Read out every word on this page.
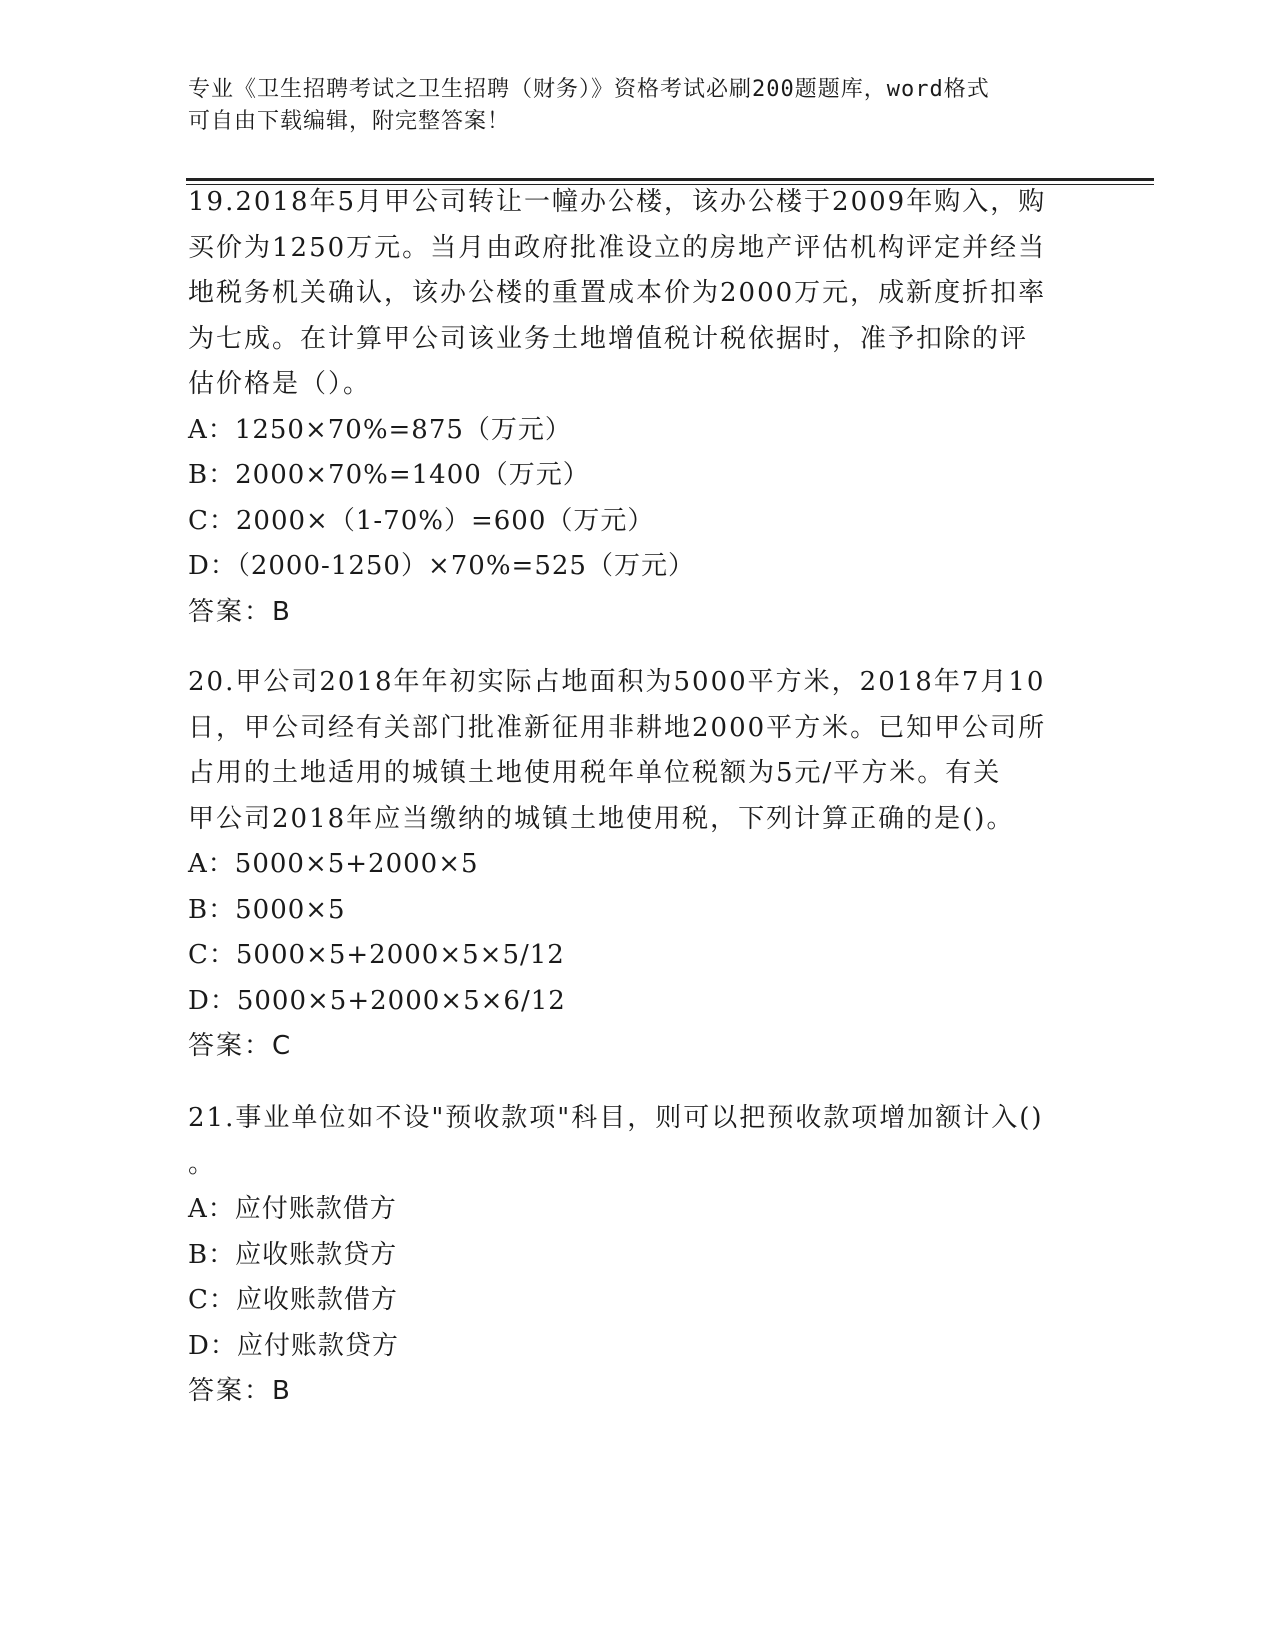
专业《卫生招聘考试之卫生招聘（财务）》资格考试必刷200题题库，word格式
可自由下载编辑，附完整答案！
19.2018年5月甲公司转让一幢办公楼，该办公楼于2009年购入，购
买价为1250万元。当月由政府批准设立的房地产评估机构评定并经当
地税务机关确认，该办公楼的重置成本价为2000万元，成新度折扣率
为七成。在计算甲公司该业务土地增值税计税依据时，准予扣除的评
估价格是（）。
A：1250×70%=875（万元）
B：2000×70%=1400（万元）
C：2000×（1-70%）=600（万元）
D：（2000-1250）×70%=525（万元）
答案：B
20.甲公司2018年年初实际占地面积为5000平方米，2018年7月10
日，甲公司经有关部门批准新征用非耕地2000平方米。已知甲公司所
占用的土地适用的城镇土地使用税年单位税额为5元/平方米。有关
甲公司2018年应当缴纳的城镇土地使用税，下列计算正确的是()。
A：5000×5+2000×5
B：5000×5
C：5000×5+2000×5×5/12
D：5000×5+2000×5×6/12
答案：C
21.事业单位如不设"预收款项"科目，则可以把预收款项增加额计入()
。
A：应付账款借方
B：应收账款贷方
C：应收账款借方
D：应付账款贷方
答案：B
